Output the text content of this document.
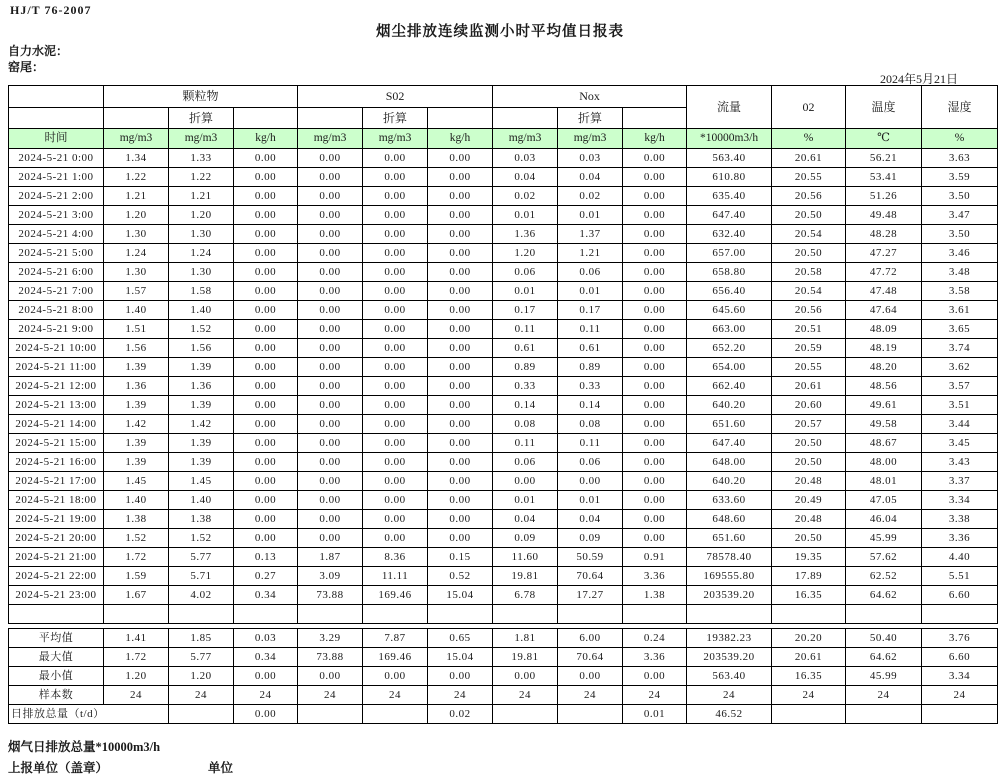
HJ/T 76-2007
烟尘排放连续监测小时平均值日报表
自力水泥：
窑尾：
2024年5月21日
	颗粒物			S02			Nox			流量	02	温度	湿度
		折算			折算			折算					
时间	mg/m3	mg/m3	kg/h	mg/m3	mg/m3	kg/h	mg/m3	mg/m3	kg/h	*10000m3/h	%	℃	%
2024-5-21 0:00	1.34	1.33	0.00	0.00	0.00	0.00	0.03	0.03	0.00	563.40	20.61	56.21	3.63
2024-5-21 1:00	1.22	1.22	0.00	0.00	0.00	0.00	0.04	0.04	0.00	610.80	20.55	53.41	3.59
2024-5-21 2:00	1.21	1.21	0.00	0.00	0.00	0.00	0.02	0.02	0.00	635.40	20.56	51.26	3.50
2024-5-21 3:00	1.20	1.20	0.00	0.00	0.00	0.00	0.01	0.01	0.00	647.40	20.50	49.48	3.47
2024-5-21 4:00	1.30	1.30	0.00	0.00	0.00	0.00	1.36	1.37	0.00	632.40	20.54	48.28	3.50
2024-5-21 5:00	1.24	1.24	0.00	0.00	0.00	0.00	1.20	1.21	0.00	657.00	20.50	47.27	3.46
2024-5-21 6:00	1.30	1.30	0.00	0.00	0.00	0.00	0.06	0.06	0.00	658.80	20.58	47.72	3.48
2024-5-21 7:00	1.57	1.58	0.00	0.00	0.00	0.00	0.01	0.01	0.00	656.40	20.54	47.48	3.58
2024-5-21 8:00	1.40	1.40	0.00	0.00	0.00	0.00	0.17	0.17	0.00	645.60	20.56	47.64	3.61
2024-5-21 9:00	1.51	1.52	0.00	0.00	0.00	0.00	0.11	0.11	0.00	663.00	20.51	48.09	3.65
2024-5-21 10:00	1.56	1.56	0.00	0.00	0.00	0.00	0.61	0.61	0.00	652.20	20.59	48.19	3.74
2024-5-21 11:00	1.39	1.39	0.00	0.00	0.00	0.00	0.89	0.89	0.00	654.00	20.55	48.20	3.62
2024-5-21 12:00	1.36	1.36	0.00	0.00	0.00	0.00	0.33	0.33	0.00	662.40	20.61	48.56	3.57
2024-5-21 13:00	1.39	1.39	0.00	0.00	0.00	0.00	0.14	0.14	0.00	640.20	20.60	49.61	3.51
2024-5-21 14:00	1.42	1.42	0.00	0.00	0.00	0.00	0.08	0.08	0.00	651.60	20.57	49.58	3.44
2024-5-21 15:00	1.39	1.39	0.00	0.00	0.00	0.00	0.11	0.11	0.00	647.40	20.50	48.67	3.45
2024-5-21 16:00	1.39	1.39	0.00	0.00	0.00	0.00	0.06	0.06	0.00	648.00	20.50	48.00	3.43
2024-5-21 17:00	1.45	1.45	0.00	0.00	0.00	0.00	0.00	0.00	0.00	640.20	20.48	48.01	3.37
2024-5-21 18:00	1.40	1.40	0.00	0.00	0.00	0.00	0.01	0.01	0.00	633.60	20.49	47.05	3.34
2024-5-21 19:00	1.38	1.38	0.00	0.00	0.00	0.00	0.04	0.04	0.00	648.60	20.48	46.04	3.38
2024-5-21 20:00	1.52	1.52	0.00	0.00	0.00	0.00	0.09	0.09	0.00	651.60	20.50	45.99	3.36
2024-5-21 21:00	1.72	5.77	0.13	1.87	8.36	0.15	11.60	50.59	0.91	78578.40	19.35	57.62	4.40
2024-5-21 22:00	1.59	5.71	0.27	3.09	11.11	0.52	19.81	70.64	3.36	169555.80	17.89	62.52	5.51
2024-5-21 23:00	1.67	4.02	0.34	73.88	169.46	15.04	6.78	17.27	1.38	203539.20	16.35	64.62	6.60

平均值	1.41	1.85	0.03	3.29	7.87	0.65	1.81	6.00	0.24	19382.23	20.20	50.40	3.76
最大值	1.72	5.77	0.34	73.88	169.46	15.04	19.81	70.64	3.36	203539.20	20.61	64.62	6.60
最小值	1.20	1.20	0.00	0.00	0.00	0.00	0.00	0.00	0.00	563.40	16.35	45.99	3.34
样本数	24	24	24	24	24	24	24	24	24	24	24	24	24
日排放总量（t/d）			0.00			0.02			0.01	46.52			
烟气日排放总量*10000m3/h
上报单位（盖章）	单位
